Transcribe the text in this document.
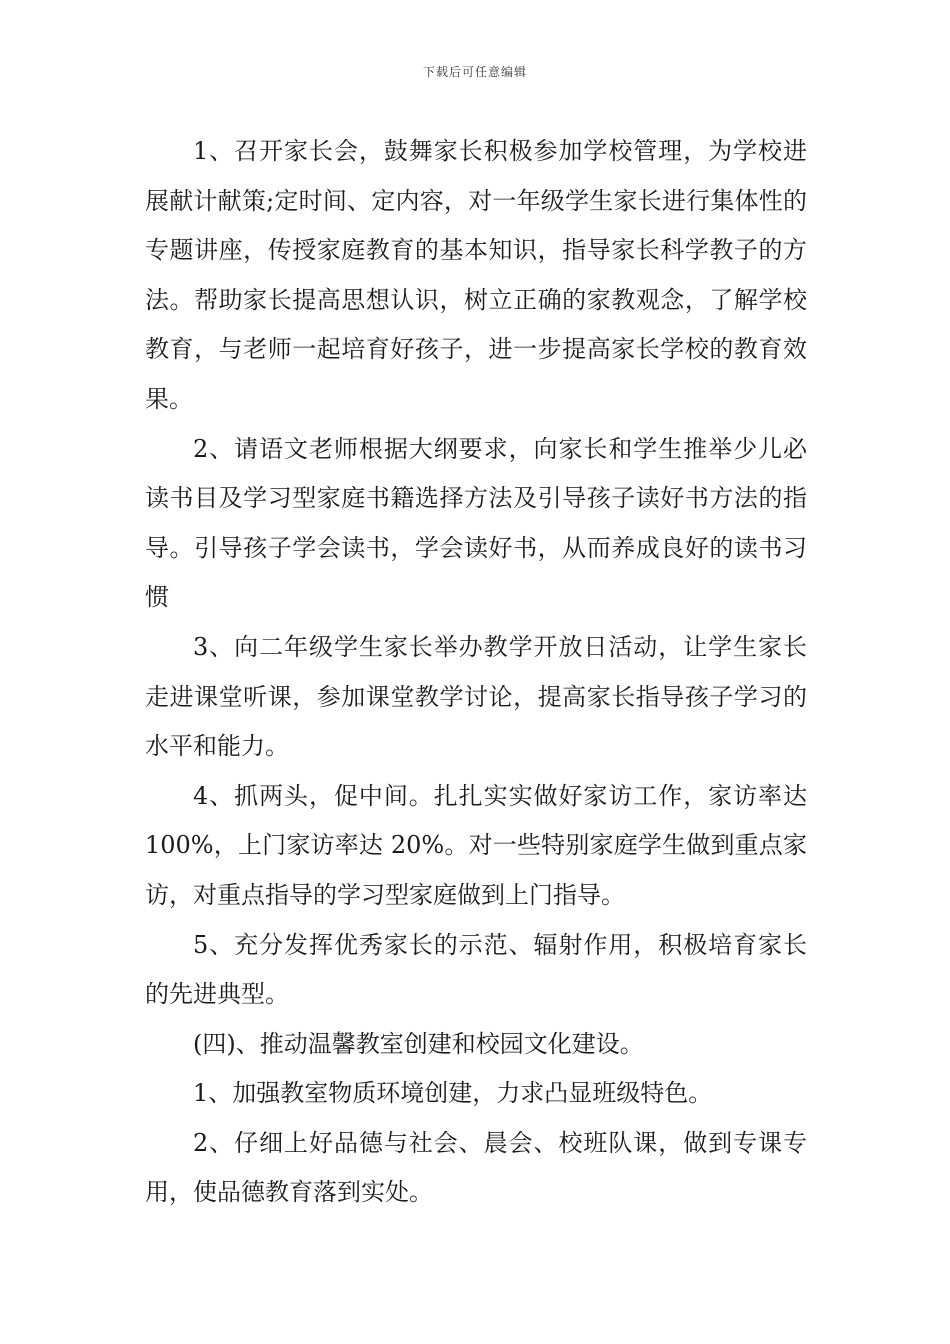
下载后可任意编辑

1、召开家长会，鼓舞家长积极参加学校管理，为学校进展献计献策;定时间、定内容，对一年级学生家长进行集体性的专题讲座，传授家庭教育的基本知识，指导家长科学教子的方法。帮助家长提高思想认识，树立正确的家教观念，了解学校教育，与老师一起培育好孩子，进一步提高家长学校的教育效果。

2、请语文老师根据大纲要求，向家长和学生推举少儿必读书目及学习型家庭书籍选择方法及引导孩子读好书方法的指导。引导孩子学会读书，学会读好书，从而养成良好的读书习惯

3、向二年级学生家长举办教学开放日活动，让学生家长走进课堂听课，参加课堂教学讨论，提高家长指导孩子学习的水平和能力。

4、抓两头，促中间。扎扎实实做好家访工作，家访率达 100%，上门家访率达 20%。对一些特别家庭学生做到重点家访，对重点指导的学习型家庭做到上门指导。

5、充分发挥优秀家长的示范、辐射作用，积极培育家长的先进典型。

(四)、推动温馨教室创建和校园文化建设。

1、加强教室物质环境创建，力求凸显班级特色。

2、仔细上好品德与社会、晨会、校班队课，做到专课专用，使品德教育落到实处。
